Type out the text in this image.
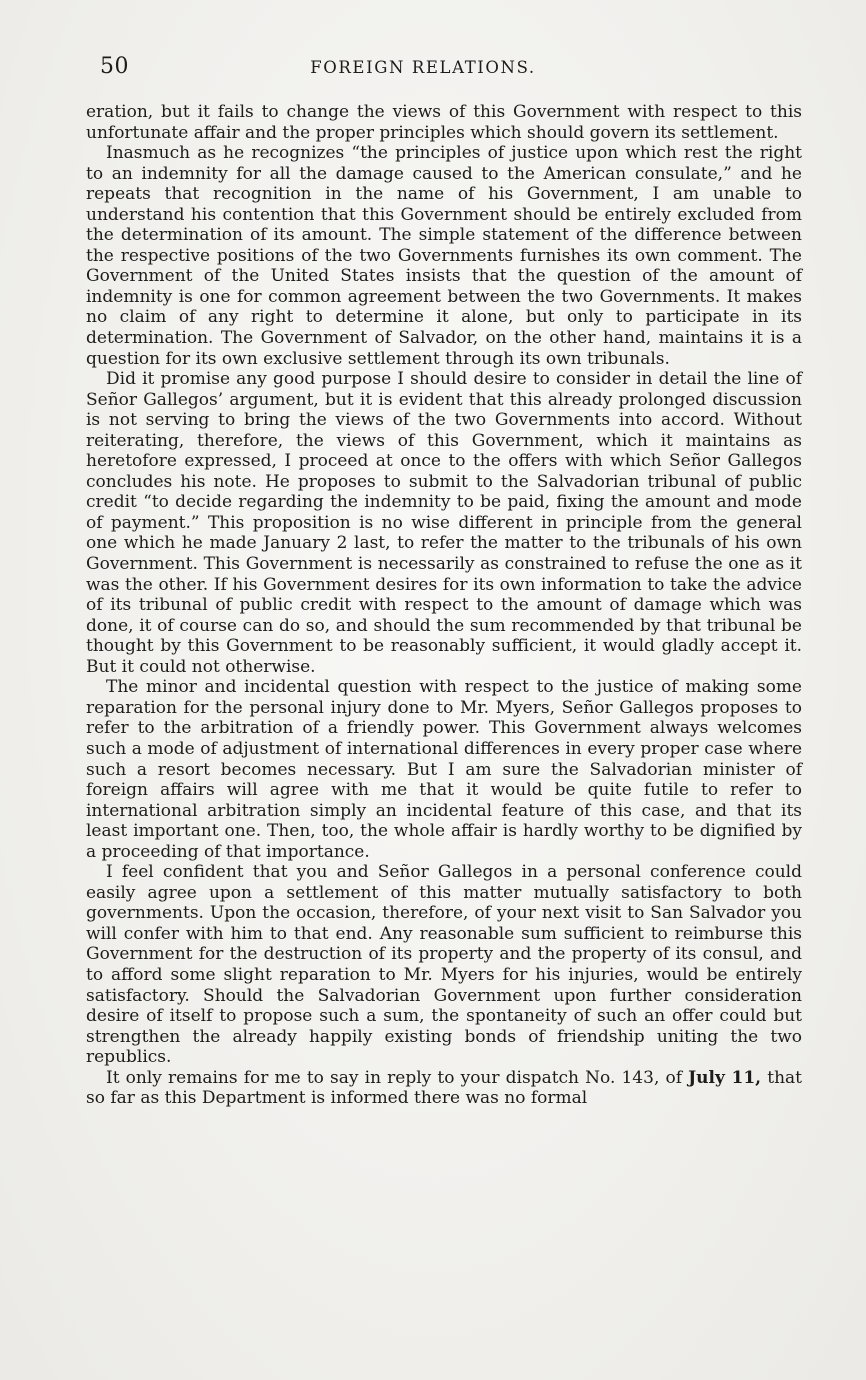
50	FOREIGN RELATIONS.

eration, but it fails to change the views of this Government with respect to this unfortunate affair and the proper principles which should govern its settlement.

Inasmuch as he recognizes “the principles of justice upon which rest the right to an indemnity for all the damage caused to the American consulate,” and he repeats that recognition in the name of his Government, I am unable to understand his contention that this Government should be entirely excluded from the determination of its amount. The simple statement of the difference between the respective positions of the two Governments furnishes its own comment. The Government of the United States insists that the question of the amount of indemnity is one for common agreement between the two Governments. It makes no claim of any right to determine it alone, but only to participate in its determination. The Government of Salvador, on the other hand, maintains it is a question for its own exclusive settlement through its own tribunals.

Did it promise any good purpose I should desire to consider in detail the line of Señor Gallegos’ argument, but it is evident that this already prolonged discussion is not serving to bring the views of the two Governments into accord. Without reiterating, therefore, the views of this Government, which it maintains as heretofore expressed, I proceed at once to the offers with which Señor Gallegos concludes his note. He proposes to submit to the Salvadorian tribunal of public credit “to decide regarding the indemnity to be paid, fixing the amount and mode of payment.” This proposition is no wise different in principle from the general one which he made January 2 last, to refer the matter to the tribunals of his own Government. This Government is necessarily as constrained to refuse the one as it was the other. If his Government desires for its own information to take the advice of its tribunal of public credit with respect to the amount of damage which was done, it of course can do so, and should the sum recommended by that tribunal be thought by this Government to be reasonably sufficient, it would gladly accept it. But it could not otherwise.

The minor and incidental question with respect to the justice of making some reparation for the personal injury done to Mr. Myers, Señor Gallegos proposes to refer to the arbitration of a friendly power. This Government always welcomes such a mode of adjustment of international differences in every proper case where such a resort becomes necessary. But I am sure the Salvadorian minister of foreign affairs will agree with me that it would be quite futile to refer to international arbitration simply an incidental feature of this case, and that its least important one. Then, too, the whole affair is hardly worthy to be dignified by a proceeding of that importance.

I feel confident that you and Señor Gallegos in a personal conference could easily agree upon a settlement of this matter mutually satisfactory to both governments. Upon the occasion, therefore, of your next visit to San Salvador you will confer with him to that end. Any reasonable sum sufficient to reimburse this Government for the destruction of its property and the property of its consul, and to afford some slight reparation to Mr. Myers for his injuries, would be entirely satisfactory. Should the Salvadorian Government upon further consideration desire of itself to propose such a sum, the spontaneity of such an offer could but strengthen the already happily existing bonds of friendship uniting the two republics.

It only remains for me to say in reply to your dispatch No. 143, of July 11, that so far as this Department is informed there was no formal
